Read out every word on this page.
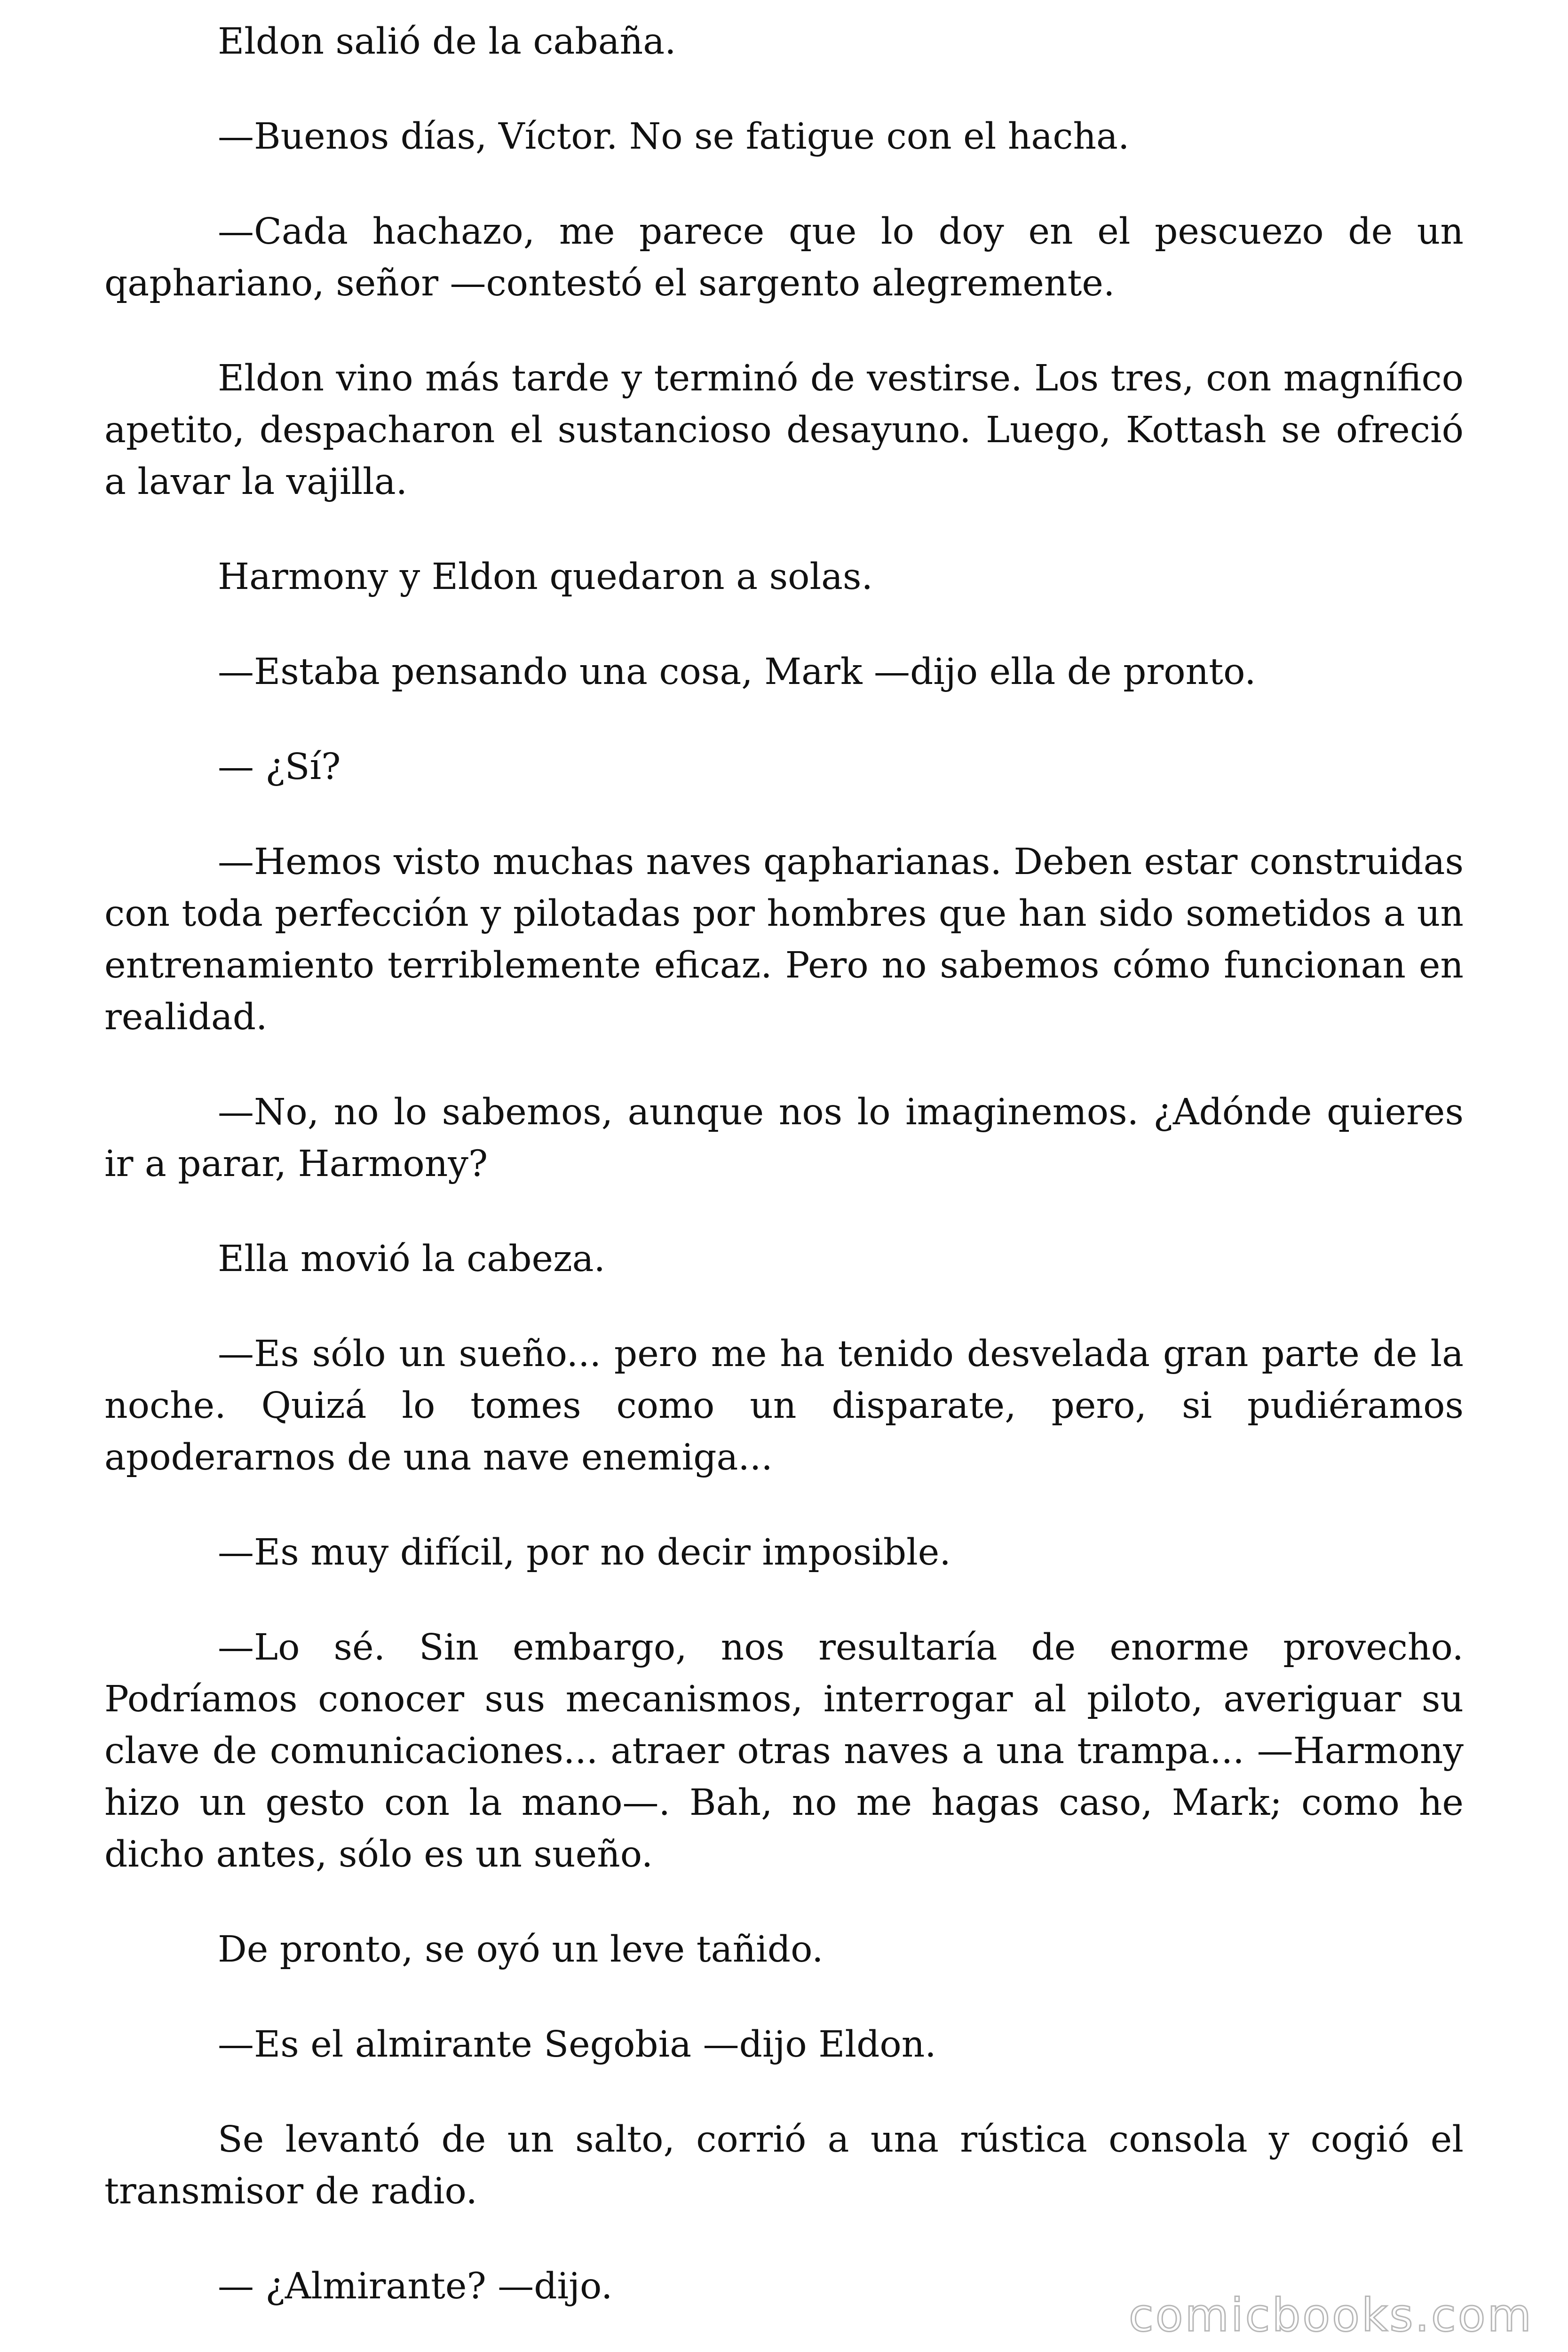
Eldon salió de la cabaña.

—Buenos días, Víctor. No se fatigue con el hacha.

—Cada hachazo, me parece que lo doy en el pescuezo de un qaphariano, señor —contestó el sargento alegremente.

Eldon vino más tarde y terminó de vestirse. Los tres, con magnífico apetito, despacharon el sustancioso desayuno. Luego, Kottash se ofreció a lavar la vajilla.

Harmony y Eldon quedaron a solas.

—Estaba pensando una cosa, Mark —dijo ella de pronto.

— ¿Sí?

—Hemos visto muchas naves qapharianas. Deben estar construidas con toda perfección y pilotadas por hombres que han sido sometidos a un entrenamiento terriblemente eficaz. Pero no sabemos cómo funcionan en realidad.

—No, no lo sabemos, aunque nos lo imaginemos. ¿Adónde quieres ir a parar, Harmony?

Ella movió la cabeza.

—Es sólo un sueño... pero me ha tenido desvelada gran parte de la noche. Quizá lo tomes como un disparate, pero, si pudiéramos apoderarnos de una nave enemiga...

—Es muy difícil, por no decir imposible.

—Lo sé. Sin embargo, nos resultaría de enorme provecho. Podríamos conocer sus mecanismos, interrogar al piloto, averiguar su clave de comunicaciones... atraer otras naves a una trampa... —Harmony hizo un gesto con la mano—. Bah, no me hagas caso, Mark; como he dicho antes, sólo es un sueño.

De pronto, se oyó un leve tañido.

—Es el almirante Segobia —dijo Eldon.

Se levantó de un salto, corrió a una rústica consola y cogió el transmisor de radio.

— ¿Almirante? —dijo.

comicbooks.com
